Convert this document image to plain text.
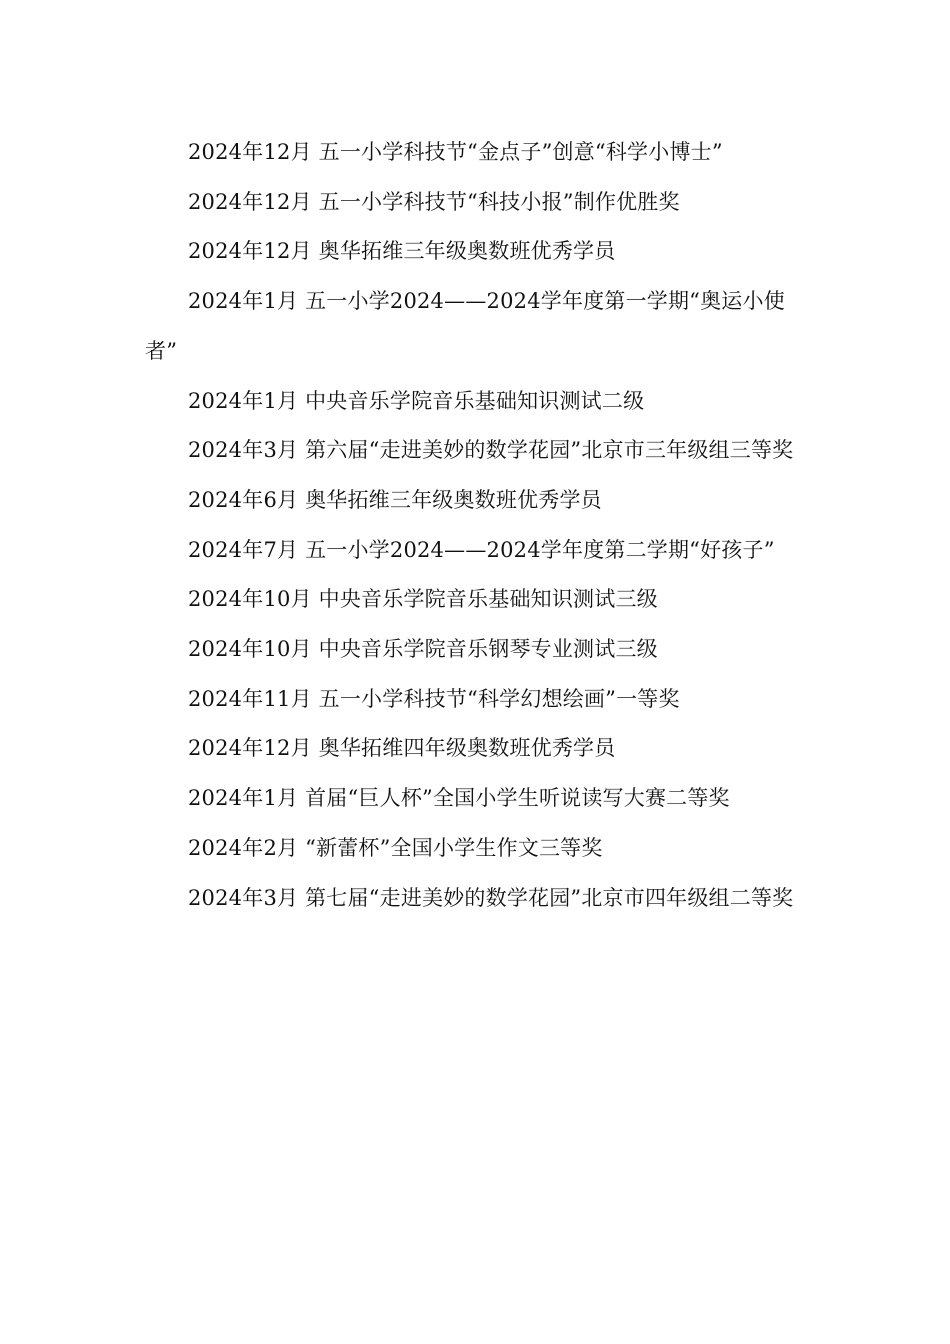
2024年12月 五一小学科技节“金点子”创意“科学小博士”

2024年12月 五一小学科技节“科技小报”制作优胜奖

2024年12月 奥华拓维三年级奥数班优秀学员

2024年1月 五一小学2024——2024学年度第一学期“奥运小使者”

2024年1月 中央音乐学院音乐基础知识测试二级

2024年3月 第六届“走进美妙的数学花园”北京市三年级组三等奖

2024年6月 奥华拓维三年级奥数班优秀学员

2024年7月 五一小学2024——2024学年度第二学期“好孩子”

2024年10月 中央音乐学院音乐基础知识测试三级

2024年10月 中央音乐学院音乐钢琴专业测试三级

2024年11月 五一小学科技节“科学幻想绘画”一等奖

2024年12月 奥华拓维四年级奥数班优秀学员

2024年1月 首届“巨人杯”全国小学生听说读写大赛二等奖

2024年2月 “新蕾杯”全国小学生作文三等奖

2024年3月 第七届“走进美妙的数学花园”北京市四年级组二等奖
